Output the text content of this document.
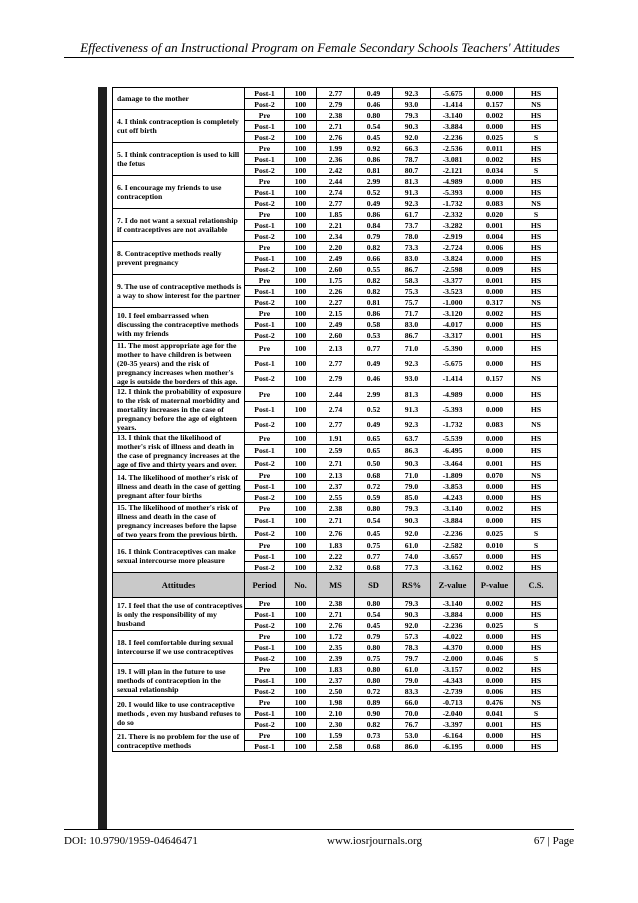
Effectiveness of an Instructional Program on Female Secondary Schools Teachers' Attitudes
damage to the mother	Post-1	100	2.77	0.49	92.3	-5.675	0.000	HS
	Post-2	100	2.79	0.46	93.0	-1.414	0.157	NS
4. I think contraception is completely cut off birth	Pre	100	2.38	0.80	79.3	-3.140	0.002	HS
	Post-1	100	2.71	0.54	90.3	-3.884	0.000	HS
	Post-2	100	2.76	0.45	92.0	-2.236	0.025	S
5. I think contraception is used to kill the fetus	Pre	100	1.99	0.92	66.3	-2.536	0.011	HS
	Post-1	100	2.36	0.86	78.7	-3.081	0.002	HS
	Post-2	100	2.42	0.81	80.7	-2.121	0.034	S
6. I encourage my friends to use contraception	Pre	100	2.44	2.99	81.3	-4.989	0.000	HS
	Post-1	100	2.74	0.52	91.3	-5.393	0.000	HS
	Post-2	100	2.77	0.49	92.3	-1.732	0.083	NS
7. I do not want a sexual relationship if contraceptives are not available	Pre	100	1.85	0.86	61.7	-2.332	0.020	S
	Post-1	100	2.21	0.84	73.7	-3.282	0.001	HS
	Post-2	100	2.34	0.79	78.0	-2.919	0.004	HS
8. Contraceptive methods really prevent pregnancy	Pre	100	2.20	0.82	73.3	-2.724	0.006	HS
	Post-1	100	2.49	0.66	83.0	-3.824	0.000	HS
	Post-2	100	2.60	0.55	86.7	-2.598	0.009	HS
9. The use of contraceptive methods is a way to show interest for the partner	Pre	100	1.75	0.82	58.3	-3.377	0.001	HS
	Post-1	100	2.26	0.82	75.3	-3.523	0.000	HS
	Post-2	100	2.27	0.81	75.7	-1.000	0.317	NS
10. I feel embarrassed when discussing the contraceptive methods with my friends	Pre	100	2.15	0.86	71.7	-3.120	0.002	HS
	Post-1	100	2.49	0.58	83.0	-4.017	0.000	HS
	Post-2	100	2.60	0.53	86.7	-3.317	0.001	HS
11. The most appropriate age for the mother to have children is between (20-35 years) and the risk of pregnancy increases when mother's age is outside the borders of this age.	Pre	100	2.13	0.77	71.0	-5.390	0.000	HS
	Post-1	100	2.77	0.49	92.3	-5.675	0.000	HS
	Post-2	100	2.79	0.46	93.0	-1.414	0.157	NS
12. I think the probability of exposure to the risk of maternal morbidity and mortality increases in the case of pregnancy before the age of eighteen years.	Pre	100	2.44	2.99	81.3	-4.989	0.000	HS
	Post-1	100	2.74	0.52	91.3	-5.393	0.000	HS
	Post-2	100	2.77	0.49	92.3	-1.732	0.083	NS
13. I think that the likelihood of mother's risk of illness and death in the case of pregnancy increases at the age of five and thirty years and over.	Pre	100	1.91	0.65	63.7	-5.539	0.000	HS
	Post-1	100	2.59	0.65	86.3	-6.495	0.000	HS
	Post-2	100	2.71	0.50	90.3	-3.464	0.001	HS
14. The likelihood of mother's risk of illness and death in the case of getting pregnant after four births	Pre	100	2.13	0.68	71.0	-1.809	0.070	NS
	Post-1	100	2.37	0.72	79.0	-3.853	0.000	HS
	Post-2	100	2.55	0.59	85.0	-4.243	0.000	HS
15. The likelihood of mother's risk of illness and death in the case of pregnancy increases before the lapse of two years from the previous birth.	Pre	100	2.38	0.80	79.3	-3.140	0.002	HS
	Post-1	100	2.71	0.54	90.3	-3.884	0.000	HS
	Post-2	100	2.76	0.45	92.0	-2.236	0.025	S
16. I think Contraceptives can make sexual intercourse more pleasure	Pre	100	1.83	0.75	61.0	-2.582	0.010	S
	Post-1	100	2.22	0.77	74.0	-3.657	0.000	HS
	Post-2	100	2.32	0.68	77.3	-3.162	0.002	HS
Attitudes	Period	No.	MS	SD	RS%	Z-value	P-value	C.S.
17. I feel that the use of contraceptives is only the responsibility of my husband	Pre	100	2.38	0.80	79.3	-3.140	0.002	HS
	Post-1	100	2.71	0.54	90.3	-3.884	0.000	HS
	Post-2	100	2.76	0.45	92.0	-2.236	0.025	S
18. I feel comfortable during sexual intercourse if we use contraceptives	Pre	100	1.72	0.79	57.3	-4.022	0.000	HS
	Post-1	100	2.35	0.80	78.3	-4.370	0.000	HS
	Post-2	100	2.39	0.75	79.7	-2.000	0.046	S
19. I will plan in the future to use methods of contraception in the sexual relationship	Pre	100	1.83	0.80	61.0	-3.157	0.002	HS
	Post-1	100	2.37	0.80	79.0	-4.343	0.000	HS
	Post-2	100	2.50	0.72	83.3	-2.739	0.006	HS
20. I would like to use contraceptive methods , even my husband refuses to do so	Pre	100	1.98	0.89	66.0	-0.713	0.476	NS
	Post-1	100	2.10	0.90	70.0	-2.040	0.041	S
	Post-2	100	2.30	0.82	76.7	-3.397	0.001	HS
21. There is no problem for the use of contraceptive methods	Pre	100	1.59	0.73	53.0	-6.164	0.000	HS
	Post-1	100	2.58	0.68	86.0	-6.195	0.000	HS
DOI: 10.9790/1959-04646471	www.iosrjournals.org	67 | Page
